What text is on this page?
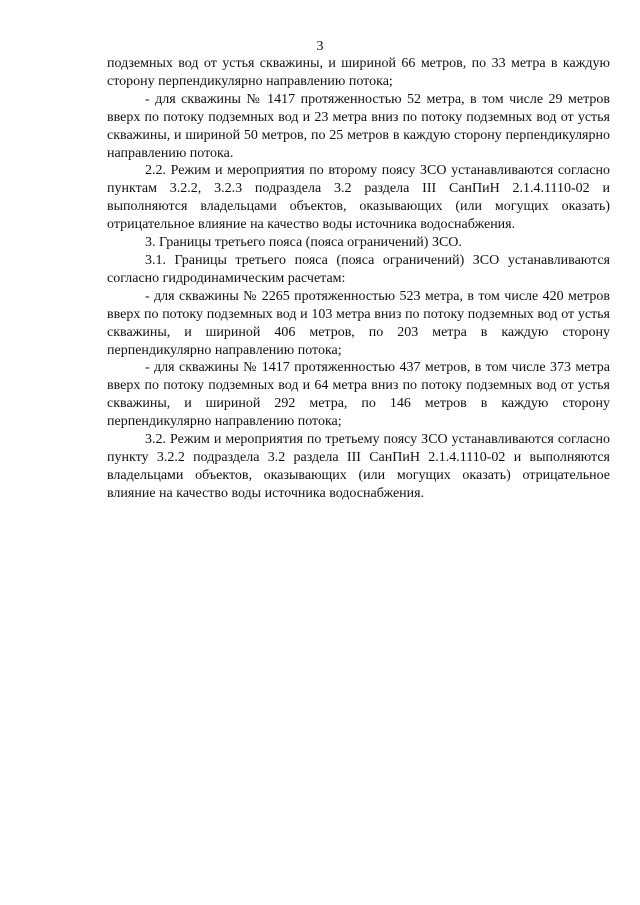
3

подземных вод от устья скважины, и шириной 66 метров, по 33 метра в каждую сторону перпендикулярно направлению потока;

- для скважины № 1417 протяженностью 52 метра, в том числе 29 метров вверх по потоку подземных вод и 23 метра вниз по потоку подземных вод от устья скважины, и шириной 50 метров, по 25 метров в каждую сторону перпендикулярно направлению потока.

2.2. Режим и мероприятия по второму поясу ЗСО устанавливаются согласно пунктам 3.2.2, 3.2.3 подраздела 3.2 раздела III СанПиН 2.1.4.1110-02 и выполняются владельцами объектов, оказывающих (или могущих оказать) отрицательное влияние на качество воды источника водоснабжения.

3. Границы третьего пояса (пояса ограничений) ЗСО.

3.1. Границы третьего пояса (пояса ограничений) ЗСО устанавливаются согласно гидродинамическим расчетам:

- для скважины № 2265 протяженностью 523 метра, в том числе 420 метров вверх по потоку подземных вод и 103 метра вниз по потоку подземных вод от устья скважины, и шириной 406 метров, по 203 метра в каждую сторону перпендикулярно направлению потока;

- для скважины № 1417 протяженностью 437 метров, в том числе 373 метра вверх по потоку подземных вод и 64 метра вниз по потоку подземных вод от устья скважины, и шириной 292 метра, по 146 метров в каждую сторону перпендикулярно направлению потока;

3.2. Режим и мероприятия по третьему поясу ЗСО устанавливаются согласно пункту 3.2.2 подраздела 3.2 раздела III СанПиН 2.1.4.1110-02 и выполняются владельцами объектов, оказывающих (или могущих оказать) отрицательное влияние на качество воды источника водоснабжения.
